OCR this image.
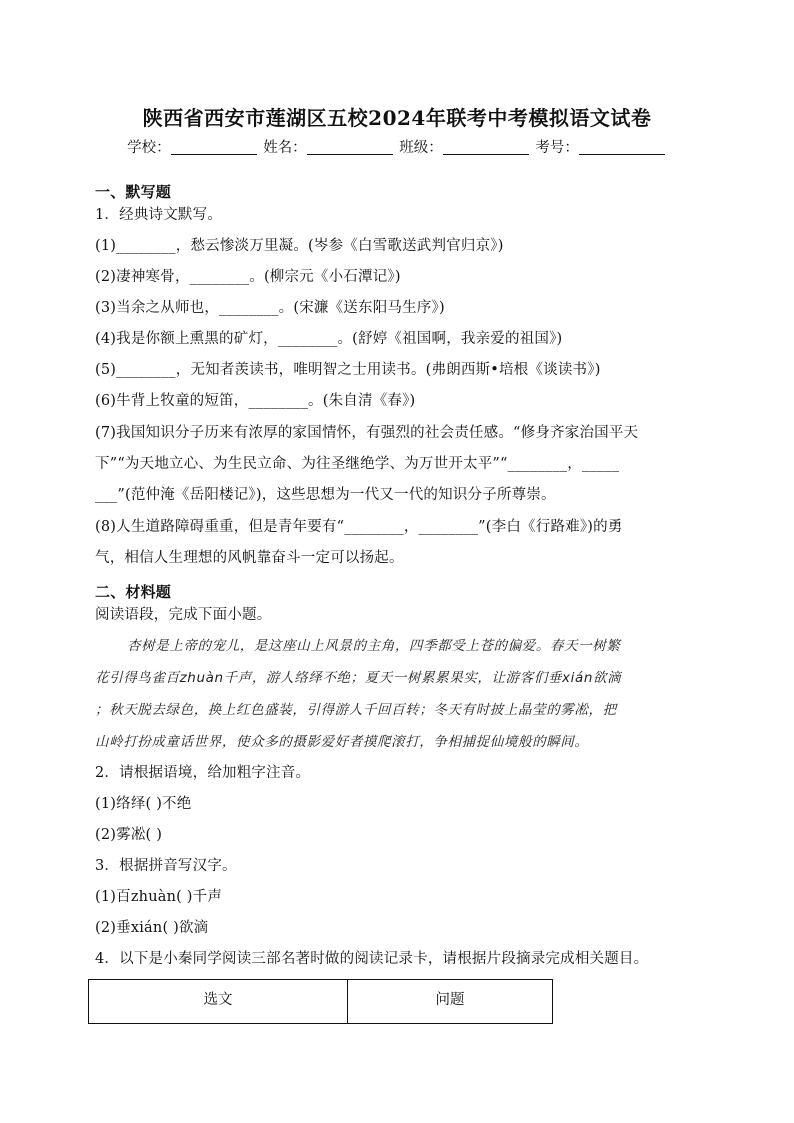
陕西省西安市莲湖区五校2024年联考中考模拟语文试卷
学校：	姓名：	班级：	考号：
一、默写题
1．经典诗文默写。
(1)________，愁云惨淡万里凝。(岑参《白雪歌送武判官归京》)
(2)凄神寒骨，________。(柳宗元《小石潭记》)
(3)当余之从师也，________。(宋濂《送东阳马生序》)
(4)我是你额上熏黑的矿灯，________。(舒婷《祖国啊，我亲爱的祖国》)
(5)________，无知者羡读书，唯明智之士用读书。(弗朗西斯•培根《谈读书》)
(6)牛背上牧童的短笛，________。(朱自清《春》)
(7)我国知识分子历来有浓厚的家国情怀，有强烈的社会责任感。“修身齐家治国平天
下”“为天地立心、为生民立命、为往圣继绝学、为万世开太平”“________，_____
___”(范仲淹《岳阳楼记》)，这些思想为一代又一代的知识分子所尊崇。
(8)人生道路障碍重重，但是青年要有“________，________”(李白《行路难》)的勇
气，相信人生理想的风帆靠奋斗一定可以扬起。
二、材料题
阅读语段，完成下面小题。
杏树是上帝的宠儿，是这座山上风景的主角，四季都受上苍的偏爱。春天一树繁
花引得鸟雀百zhuàn千声，游人络绎不绝；夏天一树累累果实，让游客们垂xián欲滴
；秋天脱去绿色，换上红色盛装，引得游人千回百转；冬天有时披上晶莹的雾凇，把
山岭打扮成童话世界，使众多的摄影爱好者摸爬滚打，争相捕捉仙境般的瞬间。
2．请根据语境，给加粗字注音。
(1)络绎( )不绝
(2)雾凇( )
3．根据拼音写汉字。
(1)百zhuàn( )千声
(2)垂xián( )欲滴
4．以下是小秦同学阅读三部名著时做的阅读记录卡，请根据片段摘录完成相关题目。
选文	问题
